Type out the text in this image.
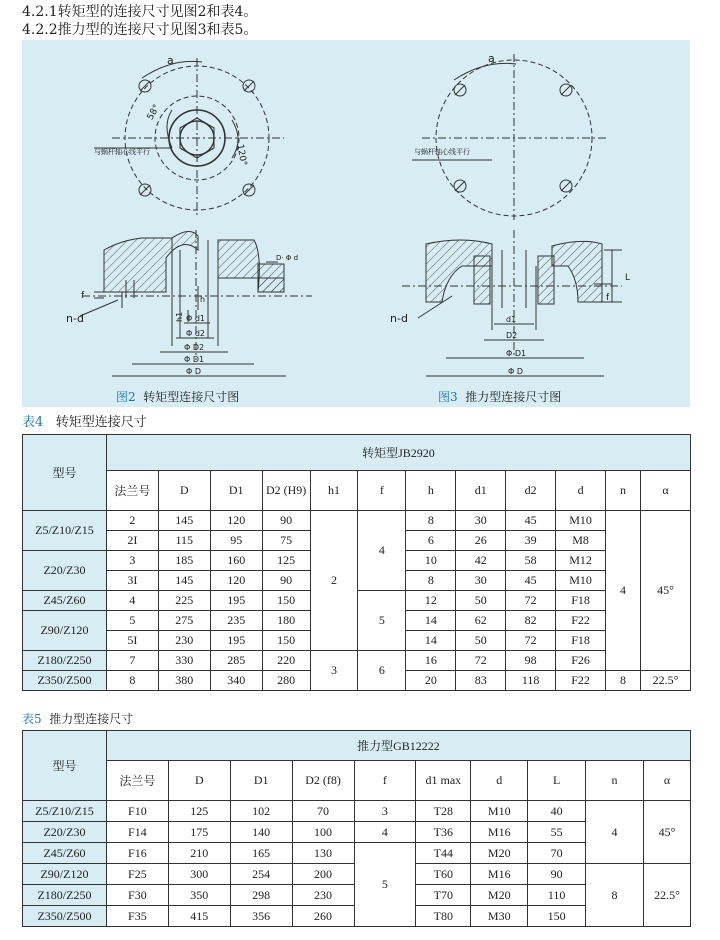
4.2.1转矩型的连接尺寸见图2和表4。
4.2.2推力型的连接尺寸见图3和表5。
a
58°
120°
与蜗杆轴心线平行
f
n-d
h
h1 Φ d1
Φ d2
Φ D2
Φ D1
Φ D
D· Φ d
a
与蜗杆轴心线平行
L
f
n-d	d1
D2
Φ D1
Φ D
图2 转矩型连接尺寸图	图3 推力型连接尺寸图
表4 转矩型连接尺寸
型号	转矩型JB2920											
	法兰号	D	D1	D2 (H9)	h1	f	h	d1	d2	d	n	α
Z5/Z10/Z15	2	145	120	90	2	4	8	30	45	M10	4	45°
	2I	115	95	75			6	26	39	M8		
Z20/Z30	3	185	160	125			10	42	58	M12		
	3I	145	120	90			8	30	45	M10		
Z45/Z60	4	225	195	150		5	12	50	72	F18		
Z90/Z120	5	275	235	180			14	62	82	F22		
	5I	230	195	150			14	50	72	F18		
Z180/Z250	7	330	285	220	3	6	16	72	98	F26		
Z350/Z500	8	380	340	280			20	83	118	F22	8	22.5°
表5 推力型连接尺寸
型号	推力型GB12222									
	法兰号	D	D1	D2 (f8)	f	d1 max	d	L	n	α
Z5/Z10/Z15	F10	125	102	70	3	T28	M10	40	4	45°
Z20/Z30	F14	175	140	100	4	T36	M16	55		
Z45/Z60	F16	210	165	130	5	T44	M20	70		
Z90/Z120	F25	300	254	200		T60	M16	90	8	22.5°
Z180/Z250	F30	350	298	230		T70	M20	110		
Z350/Z500	F35	415	356	260		T80	M30	150		
